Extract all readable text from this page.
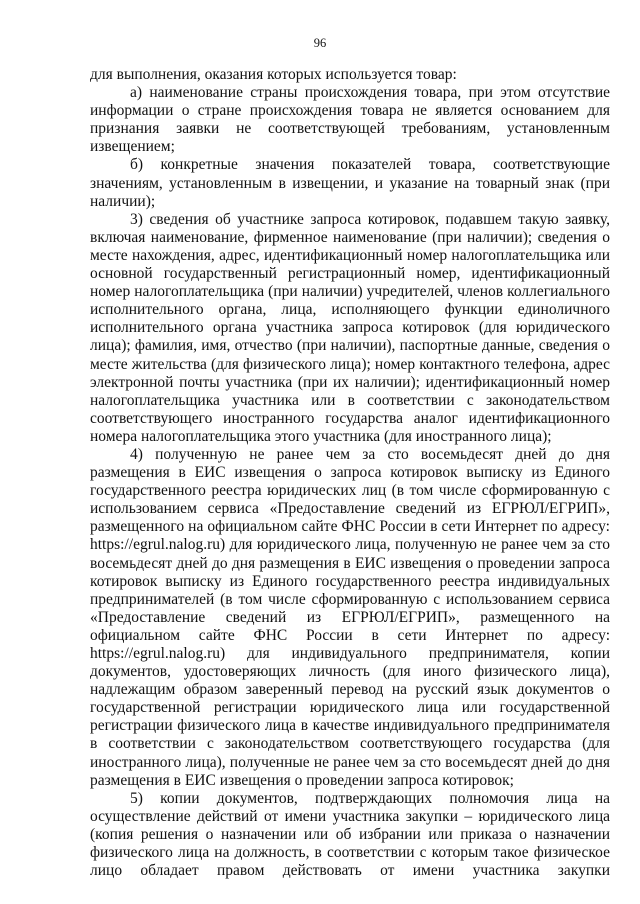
96

для выполнения, оказания которых используется товар:

а) наименование страны происхождения товара, при этом отсутствие информации о стране происхождения товара не является основанием для признания заявки не соответствующей требованиям, установленным извещением;

б) конкретные значения показателей товара, соответствующие значениям, установленным в извещении, и указание на товарный знак (при наличии);

3) сведения об участнике запроса котировок, подавшем такую заявку, включая наименование, фирменное наименование (при наличии); сведения о месте нахождения, адрес, идентификационный номер налогоплательщика или основной государственный регистрационный номер, идентификационный номер налогоплательщика (при наличии) учредителей, членов коллегиального исполнительного органа, лица, исполняющего функции единоличного исполнительного органа участника запроса котировок (для юридического лица); фамилия, имя, отчество (при наличии), паспортные данные, сведения о месте жительства (для физического лица); номер контактного телефона, адрес электронной почты участника (при их наличии); идентификационный номер налогоплательщика участника или в соответствии с законодательством соответствующего иностранного государства аналог идентификационного номера налогоплательщика этого участника (для иностранного лица);

4) полученную не ранее чем за сто восемьдесят дней до дня размещения в ЕИС извещения о запроса котировок выписку из Единого государственного реестра юридических лиц (в том числе сформированную с использованием сервиса «Предоставление сведений из ЕГРЮЛ/ЕГРИП», размещенного на официальном сайте ФНС России в сети Интернет по адресу: https://egrul.nalog.ru) для юридического лица, полученную не ранее чем за сто восемьдесят дней до дня размещения в ЕИС извещения о проведении запроса котировок выписку из Единого государственного реестра индивидуальных предпринимателей (в том числе сформированную с использованием сервиса «Предоставление сведений из ЕГРЮЛ/ЕГРИП», размещенного на официальном сайте ФНС России в сети Интернет по адресу: https://egrul.nalog.ru) для индивидуального предпринимателя, копии документов, удостоверяющих личность (для иного физического лица), надлежащим образом заверенный перевод на русский язык документов о государственной регистрации юридического лица или государственной регистрации физического лица в качестве индивидуального предпринимателя в соответствии с законодательством соответствующего государства (для иностранного лица), полученные не ранее чем за сто восемьдесят дней до дня размещения в ЕИС извещения о проведении запроса котировок;

5) копии документов, подтверждающих полномочия лица на осуществление действий от имени участника закупки – юридического лица (копия решения о назначении или об избрании или приказа о назначении физического лица на должность, в соответствии с которым такое физическое лицо обладает правом действовать от имени участника закупки
